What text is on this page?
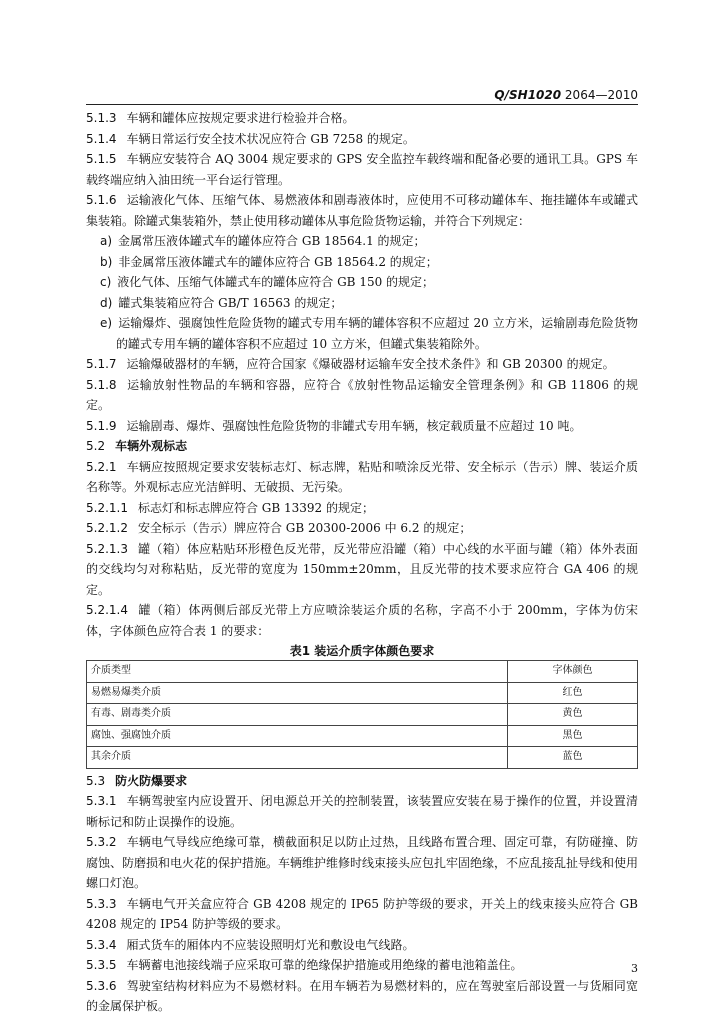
Q/SH1020 2064—2010

5.1.3 车辆和罐体应按规定要求进行检验并合格。

5.1.4 车辆日常运行安全技术状况应符合 GB 7258 的规定。

5.1.5 车辆应安装符合 AQ 3004 规定要求的 GPS 安全监控车载终端和配备必要的通讯工具。GPS 车载终端应纳入油田统一平台运行管理。

5.1.6 运输液化气体、压缩气体、易燃液体和剧毒液体时，应使用不可移动罐体车、拖挂罐体车或罐式集装箱。除罐式集装箱外，禁止使用移动罐体从事危险货物运输，并符合下列规定：

a) 金属常压液体罐式车的罐体应符合 GB 18564.1 的规定；

b) 非金属常压液体罐式车的罐体应符合 GB 18564.2 的规定；

c) 液化气体、压缩气体罐式车的罐体应符合 GB 150 的规定；

d) 罐式集装箱应符合 GB/T 16563 的规定；

e) 运输爆炸、强腐蚀性危险货物的罐式专用车辆的罐体容积不应超过 20 立方米，运输剧毒危险货物的罐式专用车辆的罐体容积不应超过 10 立方米，但罐式集装箱除外。

5.1.7 运输爆破器材的车辆，应符合国家《爆破器材运输车安全技术条件》和 GB 20300 的规定。

5.1.8 运输放射性物品的车辆和容器，应符合《放射性物品运输安全管理条例》和 GB 11806 的规定。

5.1.9 运输剧毒、爆炸、强腐蚀性危险货物的非罐式专用车辆，核定载质量不应超过 10 吨。

5.2 车辆外观标志

5.2.1 车辆应按照规定要求安装标志灯、标志牌，粘贴和喷涂反光带、安全标示（告示）牌、装运介质名称等。外观标志应光洁鲜明、无破损、无污染。

5.2.1.1 标志灯和标志牌应符合 GB 13392 的规定；

5.2.1.2 安全标示（告示）牌应符合 GB 20300-2006 中 6.2 的规定；

5.2.1.3 罐（箱）体应粘贴环形橙色反光带，反光带应沿罐（箱）中心线的水平面与罐（箱）体外表面的交线均匀对称粘贴，反光带的宽度为 150mm±20mm，且反光带的技术要求应符合 GA 406 的规定。

5.2.1.4 罐（箱）体两侧后部反光带上方应喷涂装运介质的名称，字高不小于 200mm，字体为仿宋体，字体颜色应符合表 1 的要求：

表1 装运介质字体颜色要求
介质类型	字体颜色
易燃易爆类介质	红色
有毒、剧毒类介质	黄色
腐蚀、强腐蚀介质	黑色
其余介质	蓝色

5.3 防火防爆要求

5.3.1 车辆驾驶室内应设置开、闭电源总开关的控制装置，该装置应安装在易于操作的位置，并设置清晰标记和防止误操作的设施。

5.3.2 车辆电气导线应绝缘可靠，横截面积足以防止过热，且线路布置合理、固定可靠，有防碰撞、防腐蚀、防磨损和电火花的保护措施。车辆维护维修时线束接头应包扎牢固绝缘，不应乱接乱扯导线和使用螺口灯泡。

5.3.3 车辆电气开关盒应符合 GB 4208 规定的 IP65 防护等级的要求，开关上的线束接头应符合 GB 4208 规定的 IP54 防护等级的要求。

5.3.4 厢式货车的厢体内不应装设照明灯光和敷设电气线路。

5.3.5 车辆蓄电池接线端子应采取可靠的绝缘保护措施或用绝缘的蓄电池箱盖住。

5.3.6 驾驶室结构材料应为不易燃材料。在用车辆若为易燃材料的，应在驾驶室后部设置一与货厢同宽的金属保护板。

3
